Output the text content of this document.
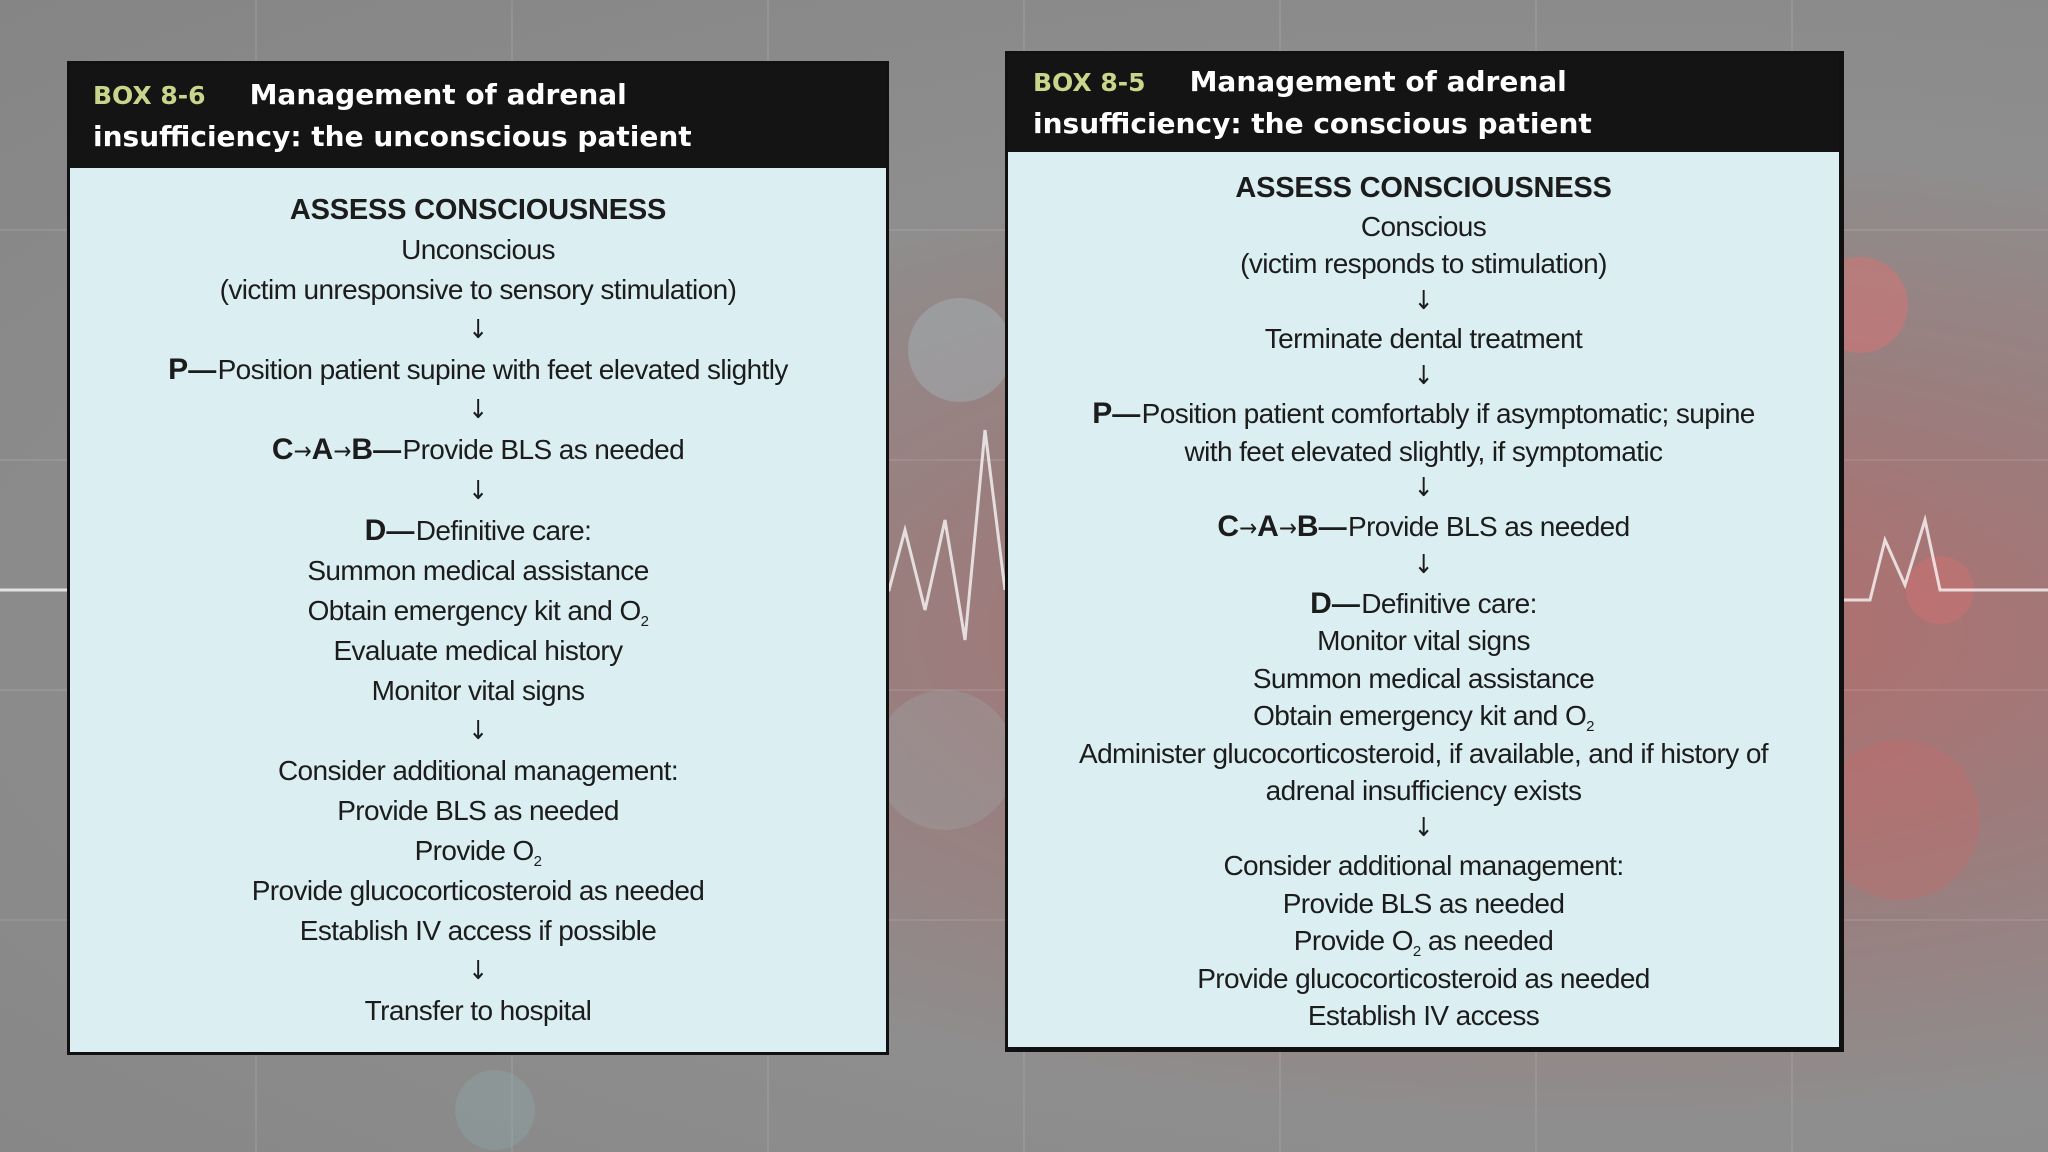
BOX 8-6 Management of adrenal
insufficiency: the unconscious patient
ASSESS CONSCIOUSNESS
Unconscious
(victim unresponsive to sensory stimulation)
↓
P—Position patient supine with feet elevated slightly
↓
C→A→B—Provide BLS as needed
↓
D—Definitive care:
Summon medical assistance
Obtain emergency kit and $O_2$
Evaluate medical history
Monitor vital signs
↓
Consider additional management:
Provide BLS as needed
Provide $O_2$
Provide glucocorticosteroid as needed
Establish IV access if possible
↓
Transfer to hospital
BOX 8-5 Management of adrenal
insufficiency: the conscious patient
ASSESS CONSCIOUSNESS
Conscious
(victim responds to stimulation)
↓
Terminate dental treatment
↓
P—Position patient comfortably if asymptomatic; supine
with feet elevated slightly, if symptomatic
↓
C→A→B—Provide BLS as needed
↓
D—Definitive care:
Monitor vital signs
Summon medical assistance
Obtain emergency kit and $O_2$
Administer glucocorticosteroid, if available, and if history of
adrenal insufficiency exists
↓
Consider additional management:
Provide BLS as needed
Provide $O_2$ as needed
Provide glucocorticosteroid as needed
Establish IV access
